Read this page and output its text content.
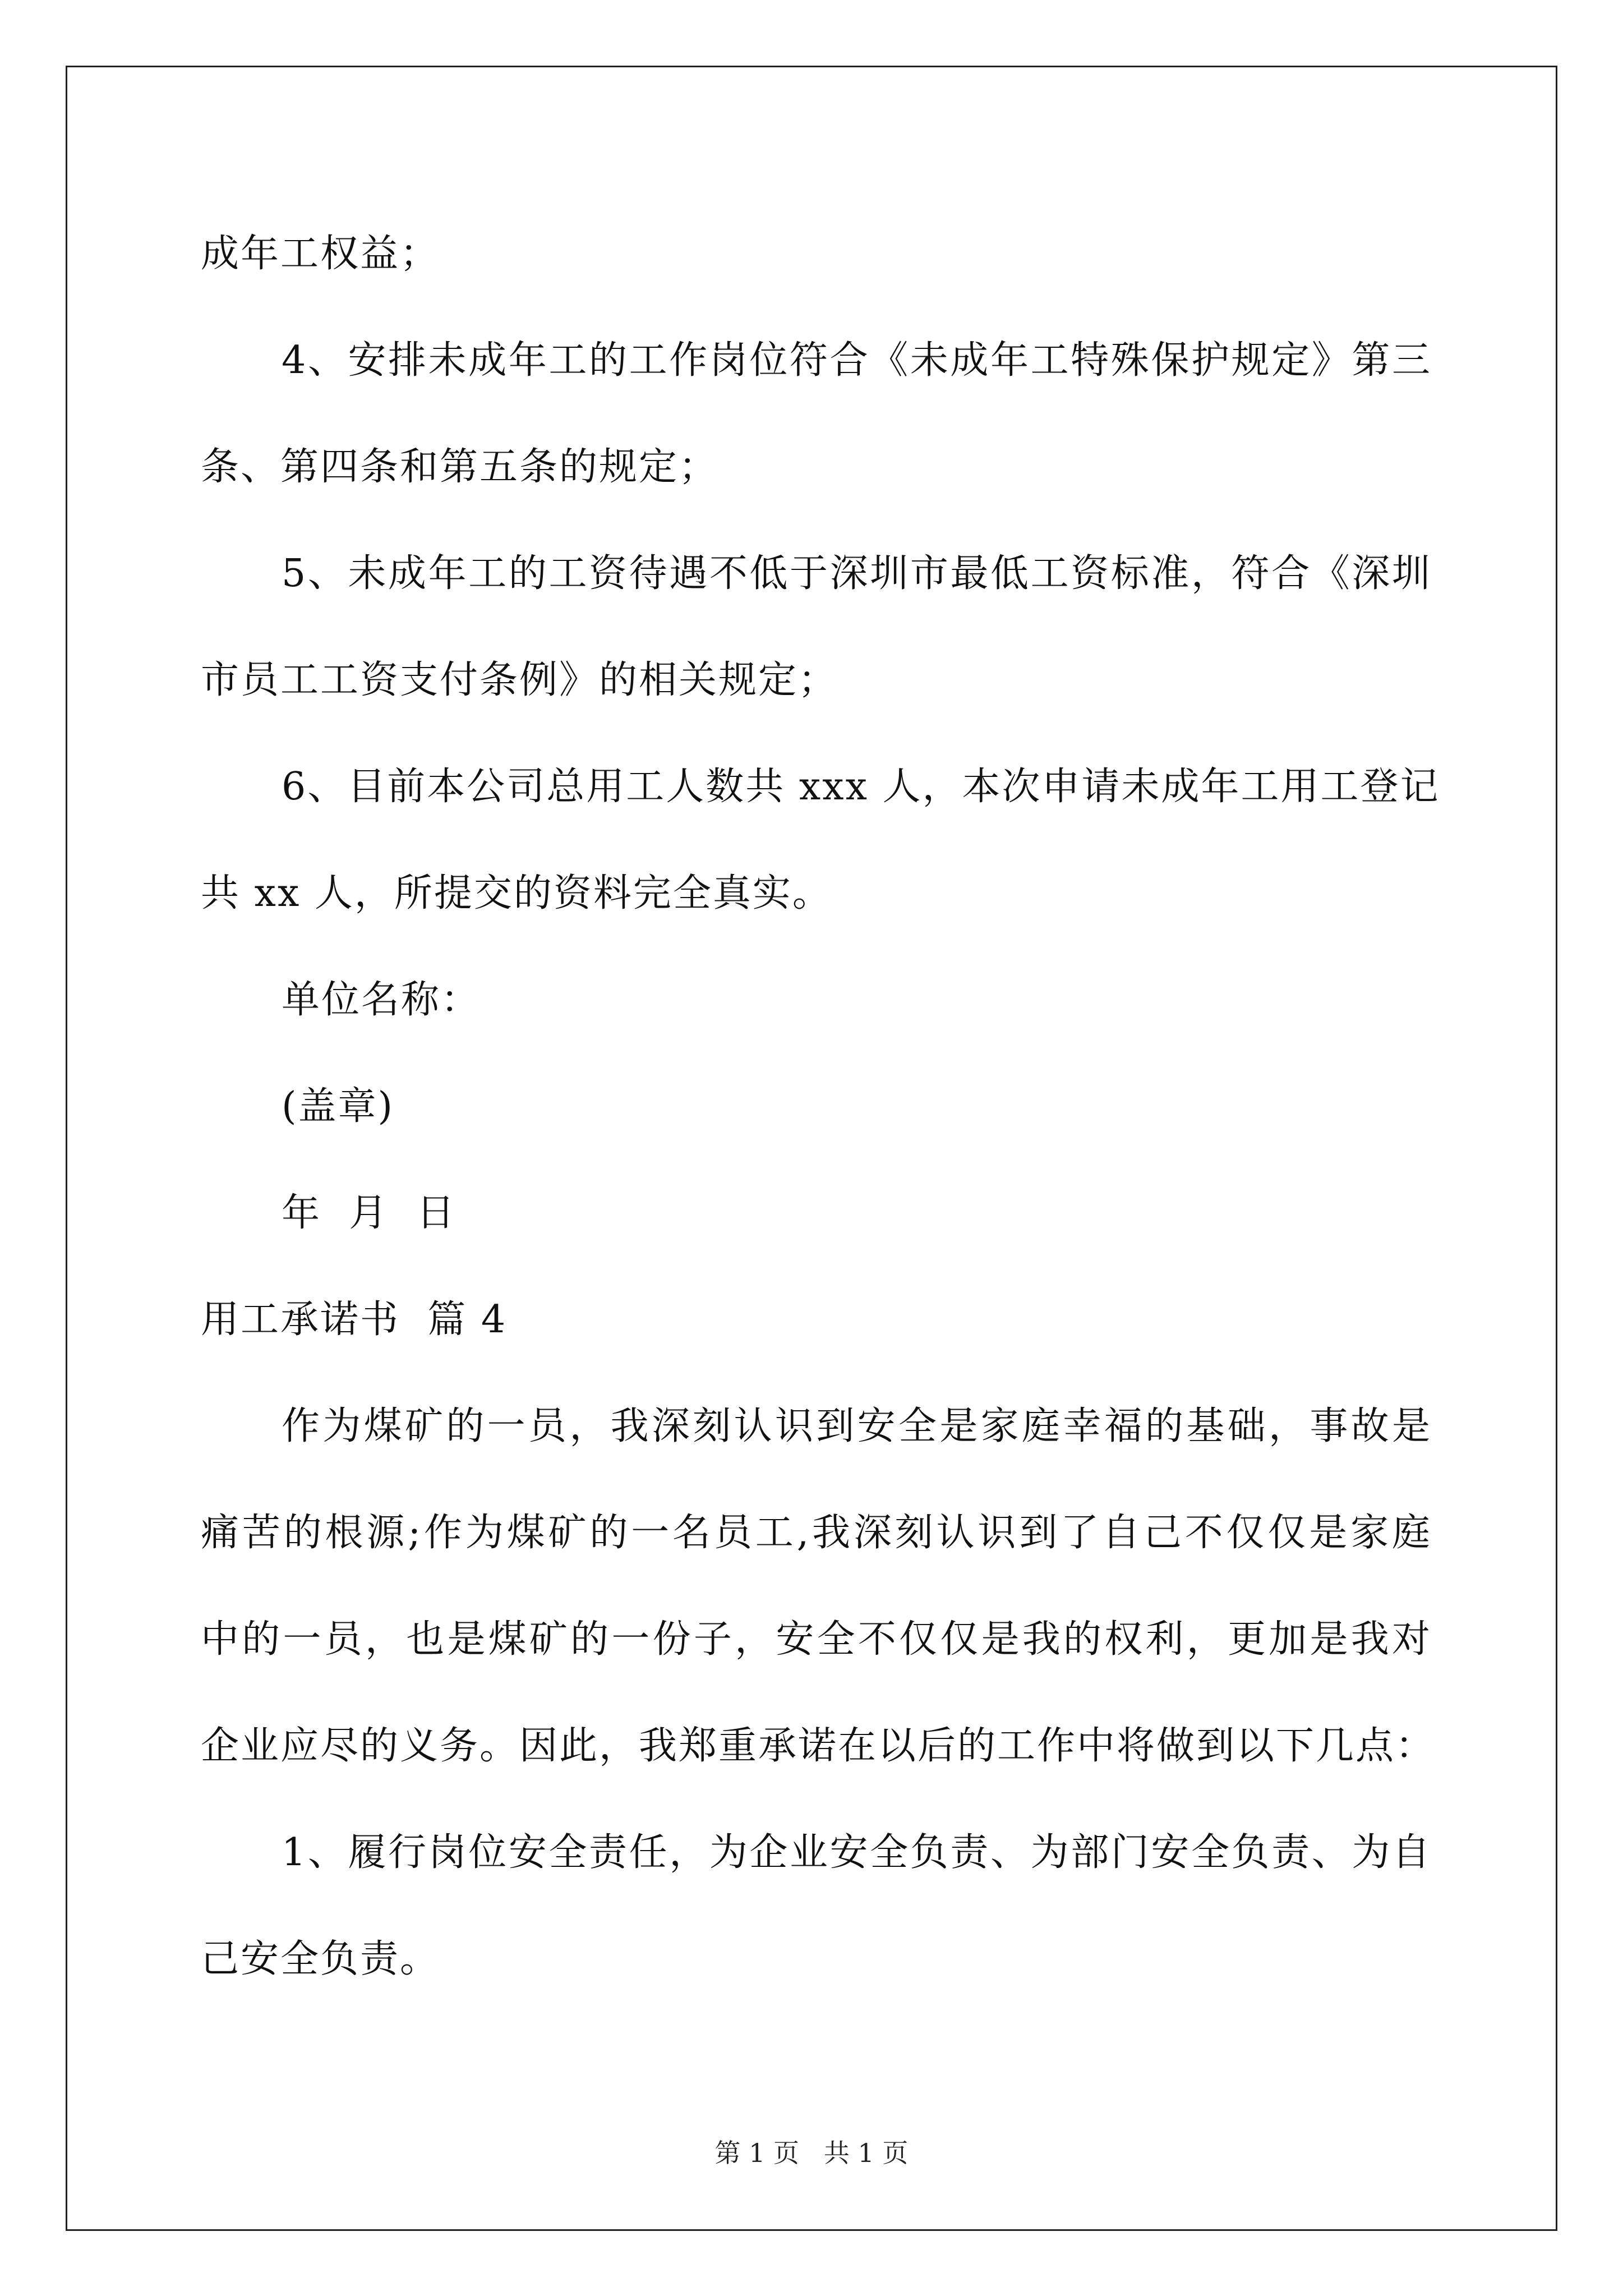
成年工权益；
4、安排未成年工的工作岗位符合《未成年工特殊保护规定》第三
条、第四条和第五条的规定；
5、未成年工的工资待遇不低于深圳市最低工资标准，符合《深圳
市员工工资支付条例》的相关规定；
6、目前本公司总用工人数共 xxx 人，本次申请未成年工用工登记
共 xx 人，所提交的资料完全真实。
单位名称：
(盖章)
年  月  日
用工承诺书  篇 4
作为煤矿的一员，我深刻认识到安全是家庭幸福的基础，事故是
痛苦的根源;作为煤矿的一名员工,我深刻认识到了自己不仅仅是家庭
中的一员，也是煤矿的一份子，安全不仅仅是我的权利，更加是我对
企业应尽的义务。因此，我郑重承诺在以后的工作中将做到以下几点：
1、履行岗位安全责任，为企业安全负责、为部门安全负责、为自
己安全负责。
第 1 页   共 1 页
